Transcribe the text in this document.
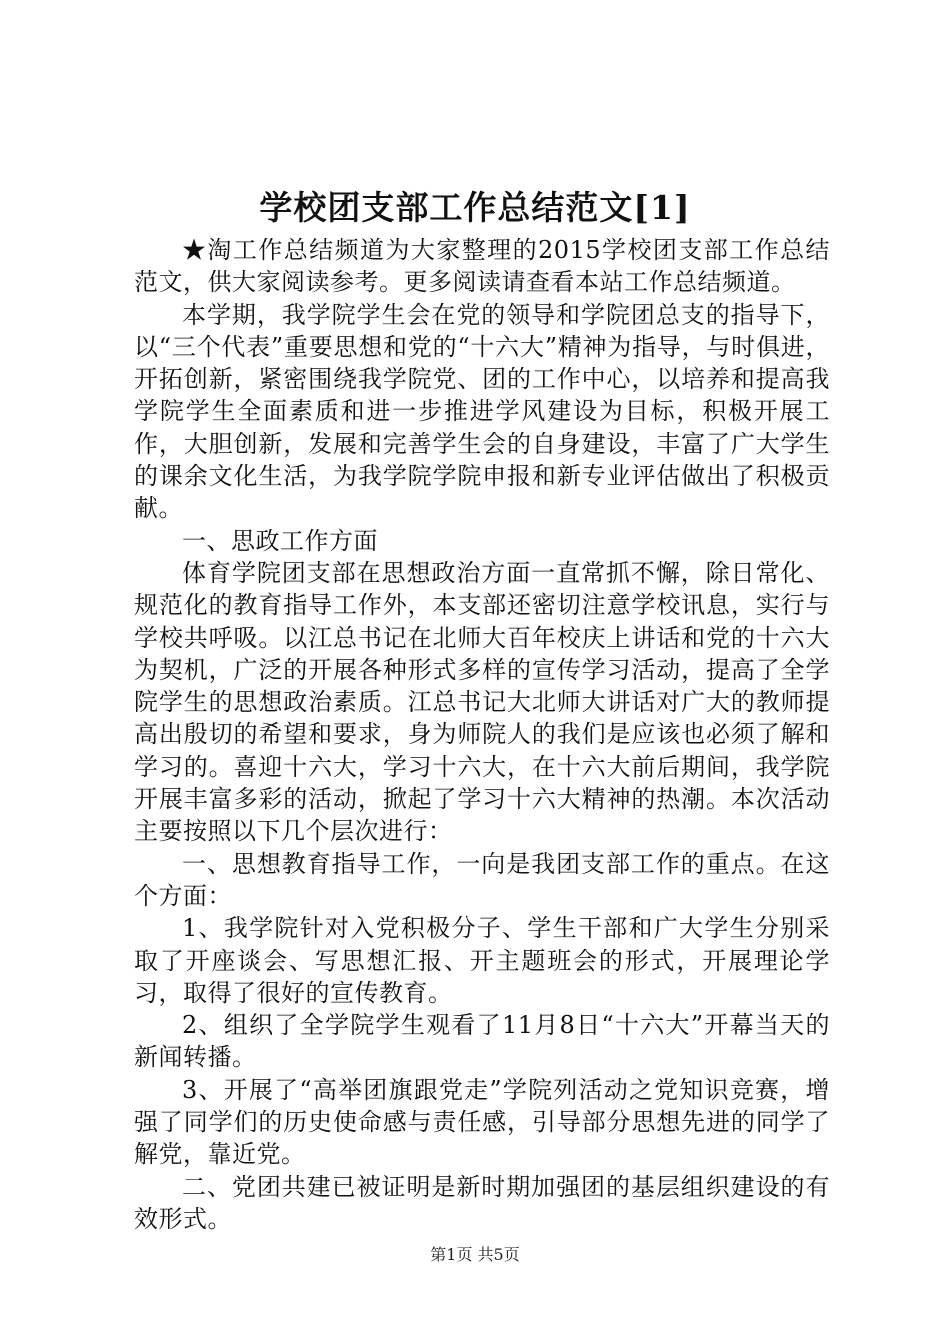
学校团支部工作总结范文[1]

★淘工作总结频道为大家整理的2015学校团支部工作总结范文，供大家阅读参考。更多阅读请查看本站工作总结频道。

本学期，我学院学生会在党的领导和学院团总支的指导下，以“三个代表”重要思想和党的“十六大”精神为指导，与时俱进，开拓创新，紧密围绕我学院党、团的工作中心，以培养和提高我学院学生全面素质和进一步推进学风建设为目标，积极开展工作，大胆创新，发展和完善学生会的自身建设，丰富了广大学生的课余文化生活，为我学院学院申报和新专业评估做出了积极贡献。

一、思政工作方面

体育学院团支部在思想政治方面一直常抓不懈，除日常化、规范化的教育指导工作外，本支部还密切注意学校讯息，实行与学校共呼吸。以江总书记在北师大百年校庆上讲话和党的十六大为契机，广泛的开展各种形式多样的宣传学习活动，提高了全学院学生的思想政治素质。江总书记大北师大讲话对广大的教师提高出殷切的希望和要求，身为师院人的我们是应该也必须了解和学习的。喜迎十六大，学习十六大，在十六大前后期间，我学院开展丰富多彩的活动，掀起了学习十六大精神的热潮。本次活动主要按照以下几个层次进行：

一、思想教育指导工作，一向是我团支部工作的重点。在这个方面：

1、我学院针对入党积极分子、学生干部和广大学生分别采取了开座谈会、写思想汇报、开主题班会的形式，开展理论学习，取得了很好的宣传教育。

2、组织了全学院学生观看了11月8日“十六大”开幕当天的新闻转播。

3、开展了“高举团旗跟党走”学院列活动之党知识竞赛，增强了同学们的历史使命感与责任感，引导部分思想先进的同学了解党，靠近党。

二、党团共建已被证明是新时期加强团的基层组织建设的有效形式。

第1页 共5页
